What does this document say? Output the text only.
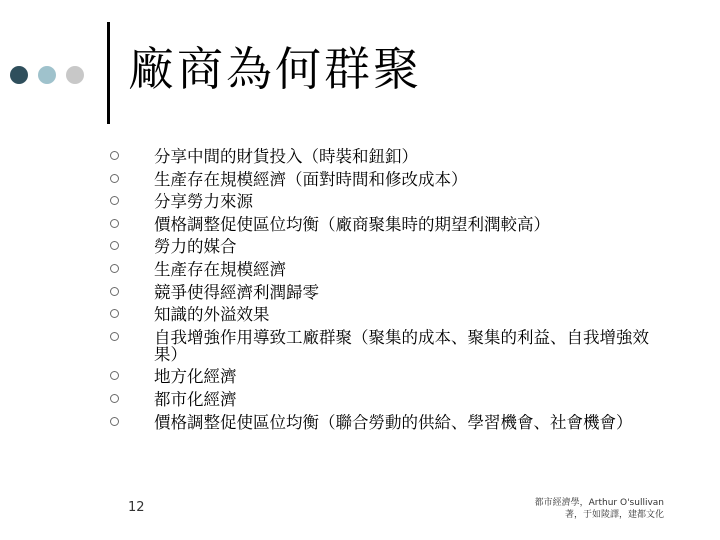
廠商為何群聚
分享中間的財貨投入（時裝和鈕釦）
生產存在規模經濟（面對時間和修改成本）
分享勞力來源
價格調整促使區位均衡（廠商聚集時的期望利潤較高）
勞力的媒合
生產存在規模經濟
競爭使得經濟利潤歸零
知識的外溢效果
自我增強作用導致工廠群聚（聚集的成本、聚集的利益、自我增強效果）
地方化經濟
都市化經濟
價格調整促使區位均衡（聯合勞動的供給、學習機會、社會機會）
12	都市經濟學，Arthur O'sullivan
著，于如陵譯，建都文化
